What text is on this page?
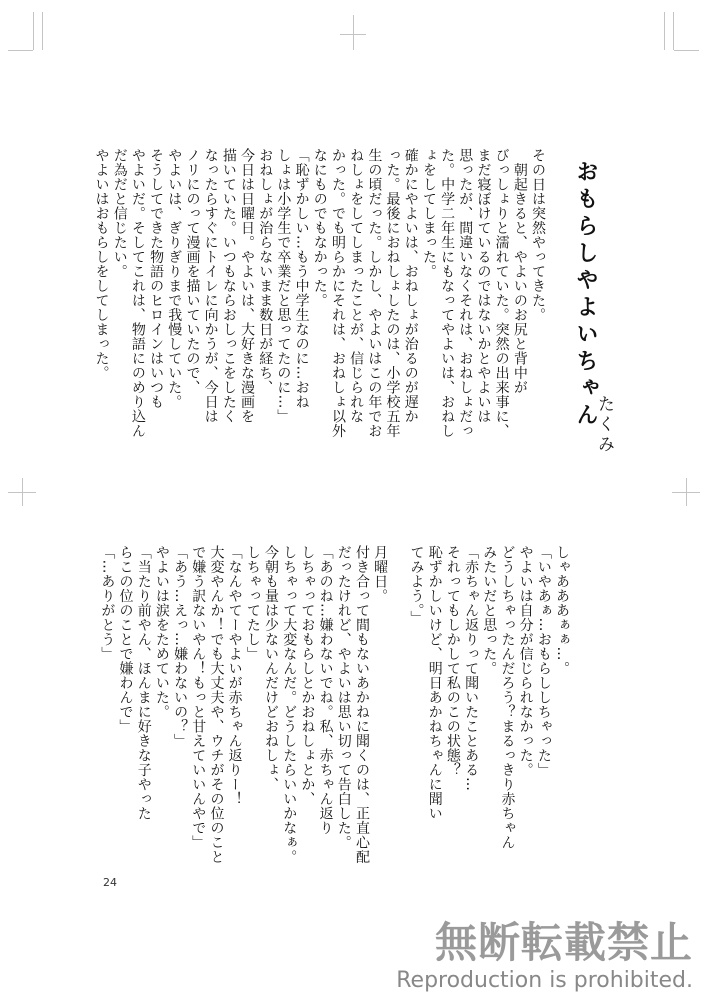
おもらしやよいちゃん
たくみ
その日は突然やってきた。
　朝起きると、やよいのお尻と背中が
びっしょりと濡れていた。突然の出来事に、
まだ寝ぼけているのではないかとやよいは
思ったが、間違いなくそれは、おねしょだっ
た。中学二年生にもなってやよいは、おねし
ょをしてしまった。
確かにやよいは、おねしょが治るのが遅か
った。最後におねしょしたのは、小学校五年
生の頃だった。しかし、やよいはこの年でお
ねしょをしてしまったことが、信じられな
かった。でも明らかにそれは、おねしょ以外
なにものでもなかった。
「恥ずかしい…もう中学生なのに…おね
しょは小学生で卒業だと思ってたのに…」
おねしょが治らないまま数日が経ち、
今日は日曜日。やよいは、大好きな漫画を
描いていた。いつもならおしっこをしたく
なったらすぐにトイレに向かうが、今日は
ノリにのって漫画を描いていたので、
やよいは、ぎりぎりまで我慢していた。
そうしてできた物語のヒロインはいつも
やよいだ。そしてこれは、物語にのめり込ん
だ為だと信じたい。
やよいはおもらしをしてしまった。
しゃあああぁぁ…。
「いやあぁ…おもらししちゃった」
やよいは自分が信じられなかった。
どうしちゃったんだろう？まるっきり赤ちゃん
みたいだと思った。
「赤ちゃん返りって聞いたことある…
それってもしかして私のこの状態？
恥ずかしいけど、明日あかねちゃんに聞い
てみよう。」

月曜日。
付き合って間もないあかねに聞くのは、正直心配
だったけれど、やよいは思い切って告白した。
「あのね…嫌わないでね。私、赤ちゃん返り
しちゃっておもらしとかおねしょとか、
しちゃって大変なんだ。どうしたらいいかなぁ。
今朝も量は少ないんだけどおねしょ、
しちゃってたし」
「なんやてーやよいが赤ちゃん返りー！
大変やんか！でも大丈夫や、ウチがその位のこと
で嫌う訳ないやん！もっと甘えていいんやで」
「あう…えっ…嫌わないの？」
やよいは涙をためていた。
「当たり前やん、ほんまに好きな子やった
らこの位のことで嫌わんで」
「…ありがとう」
24
無断転載禁止
Reproduction is prohibited.
